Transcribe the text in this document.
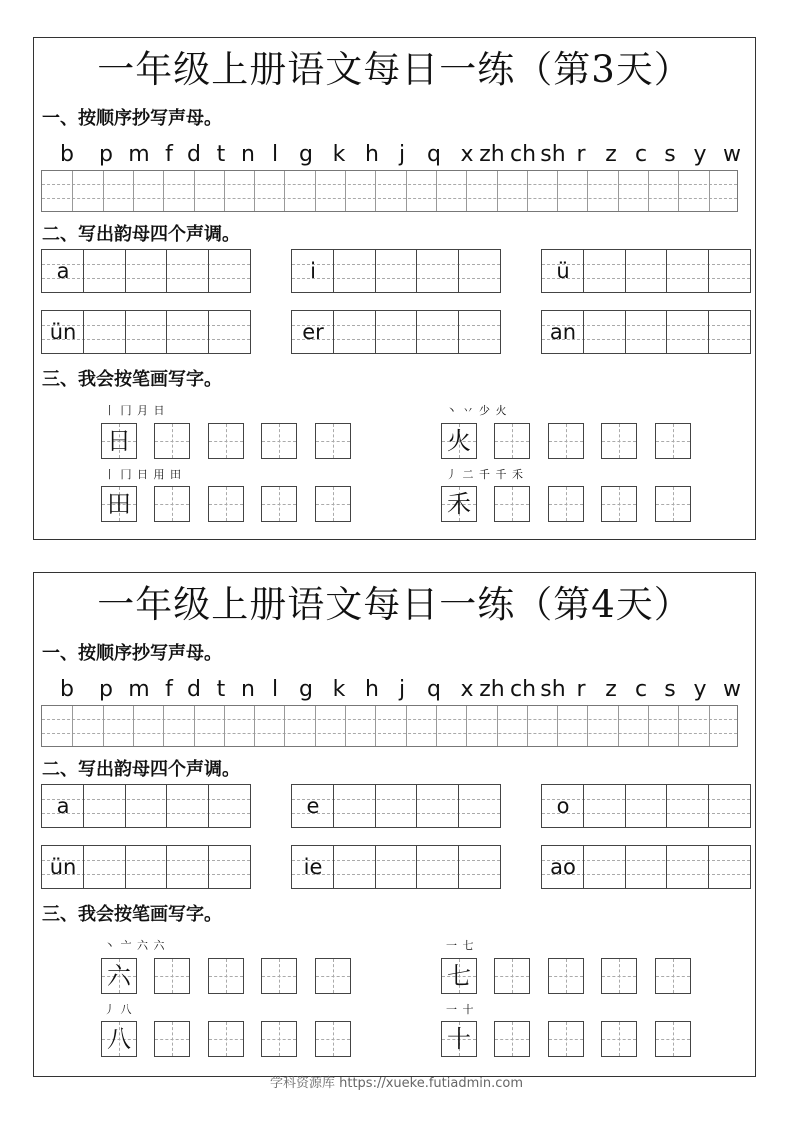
一年级上册语文每日一练（第3天）
一、按顺序抄写声母。
b p m f d t n l g k h j q x zh ch sh r z c s y w
二、写出韵母四个声调。
a	i	ü
ün	er	an
三、我会按笔画写字。
丨 冂 月 日
日
丶 丷 少 火
火
丨 冂 日 用 田
田
丿 二 千 千 禾
禾
一年级上册语文每日一练（第4天）
一、按顺序抄写声母。
b p m f d t n l g k h j q x zh ch sh r z c s y w
二、写出韵母四个声调。
a	e	o
ün	ie	ao
三、我会按笔画写字。
丶 亠 六 六
六
一 七
七
丿 八
八
一 十
十
学科资源库 https://xueke.futiadmin.com
